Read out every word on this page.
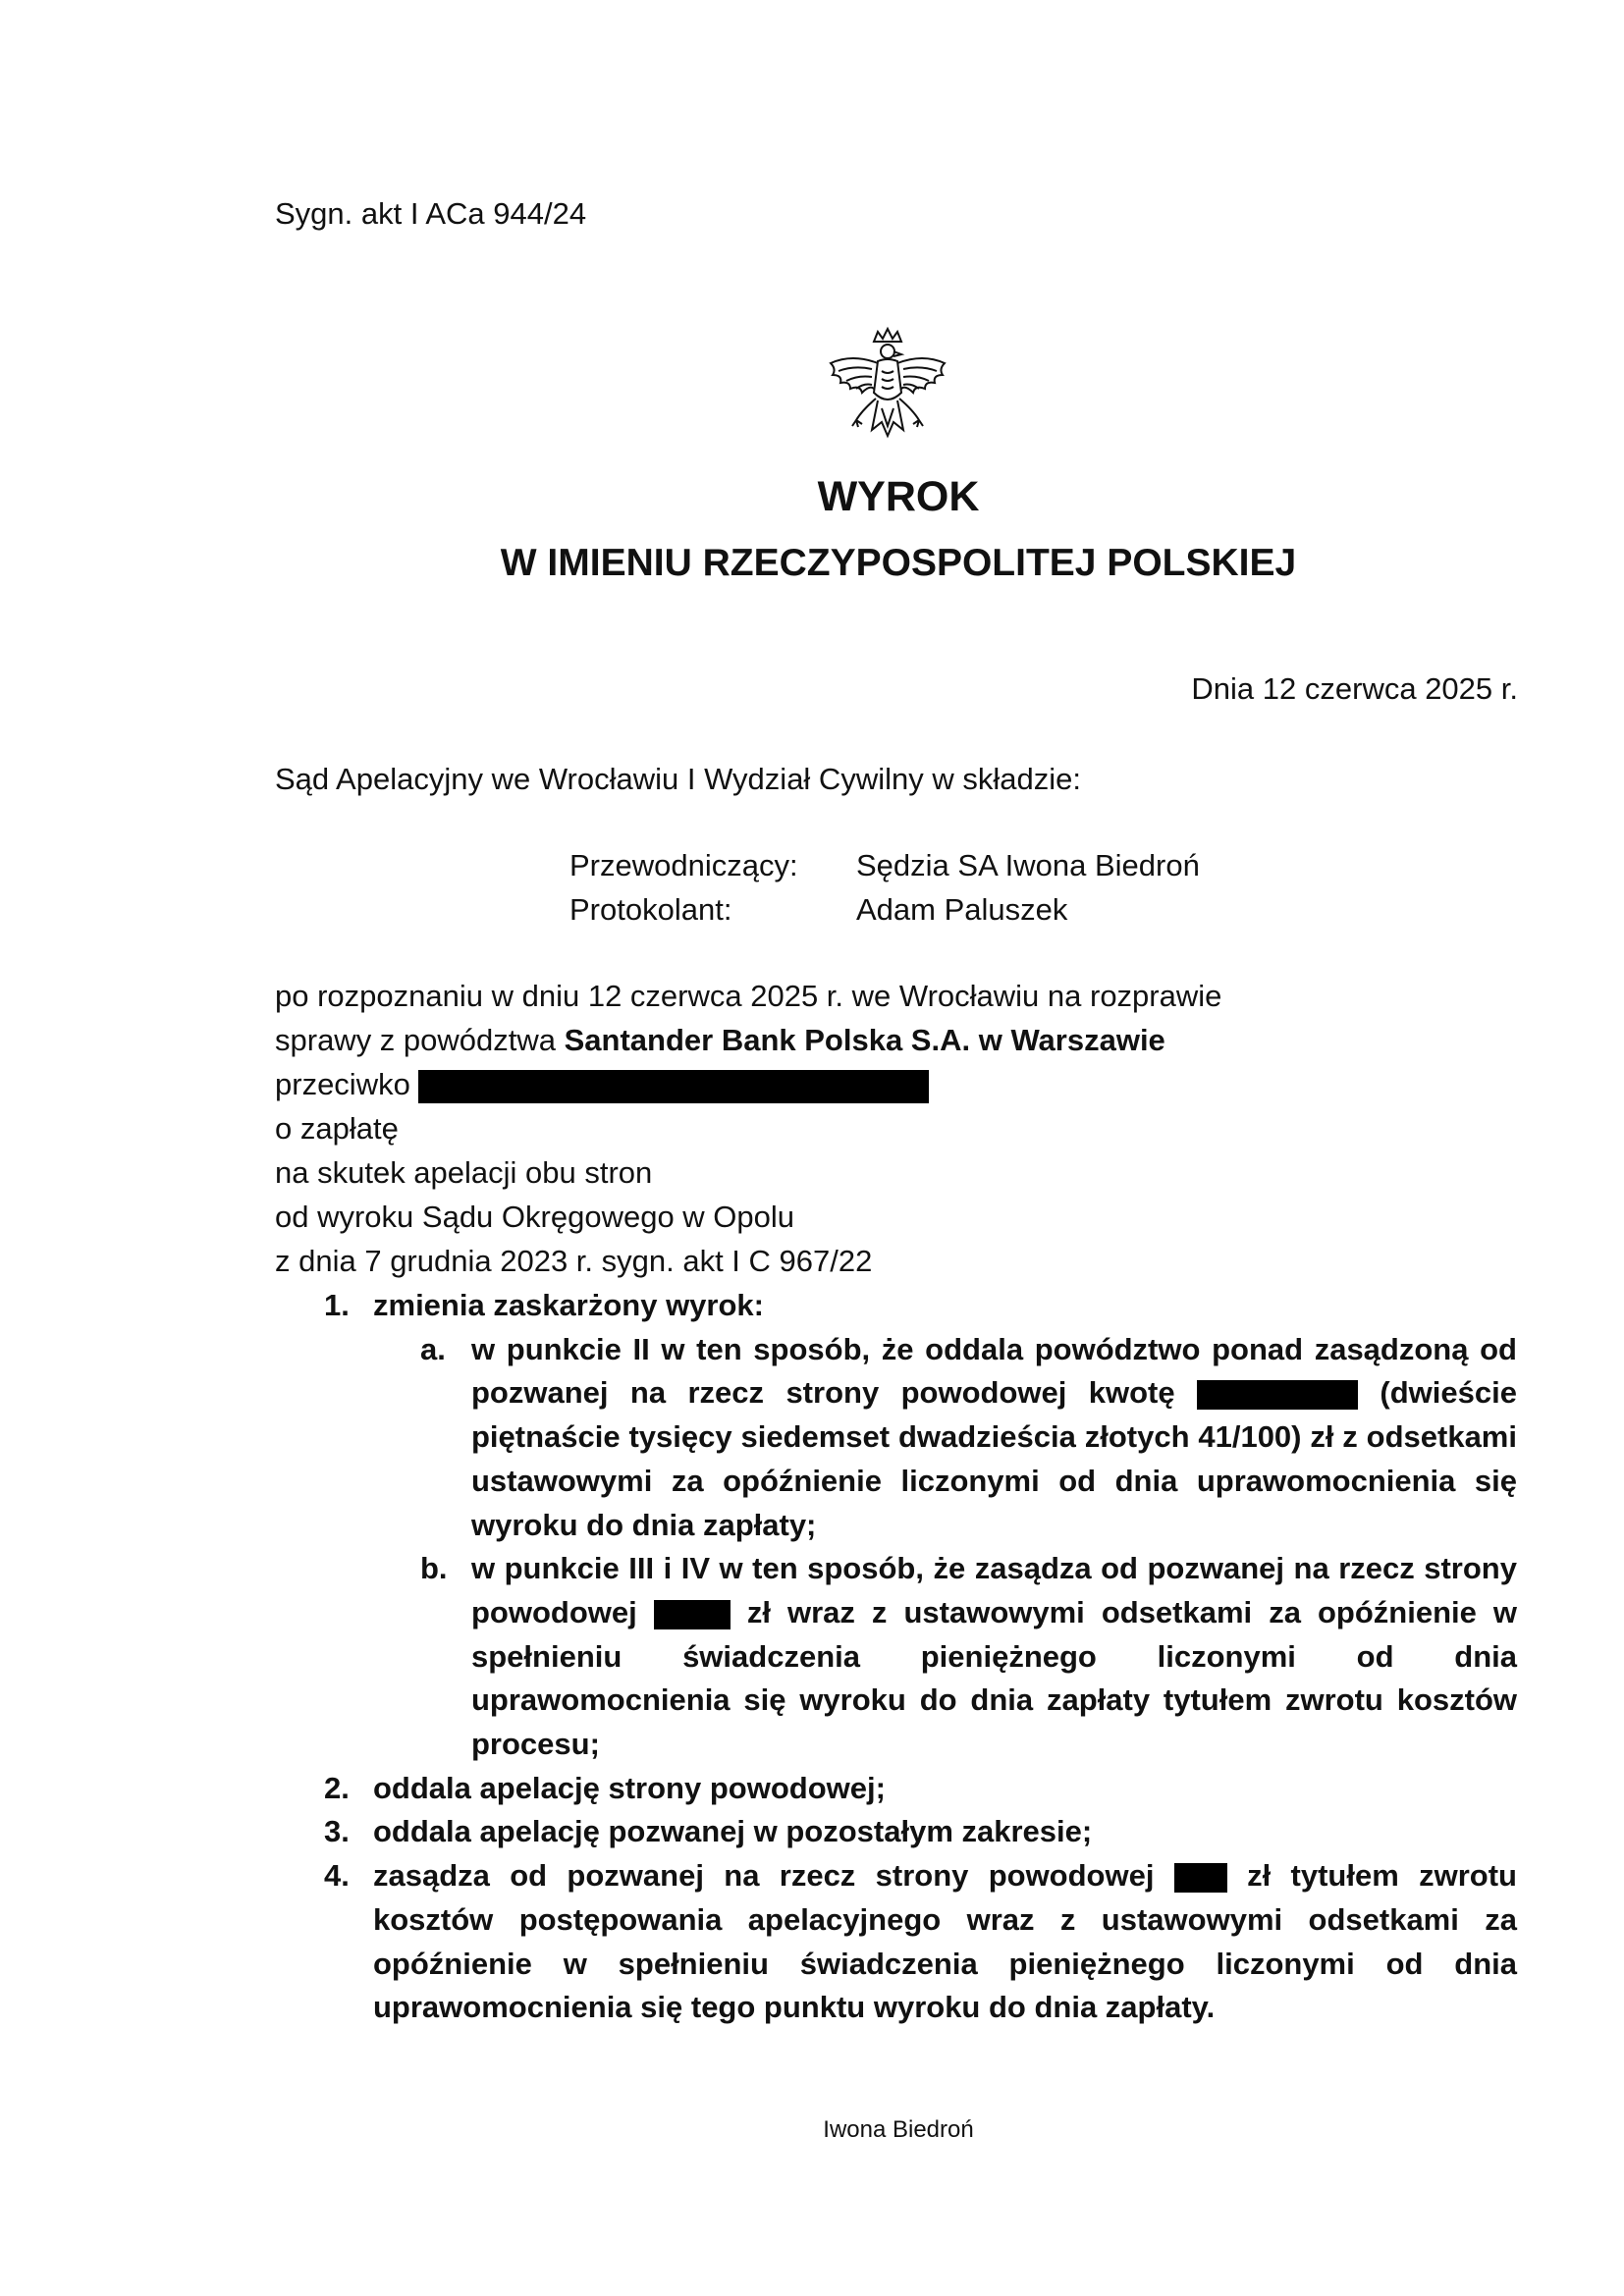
Sygn. akt I ACa 944/24
WYROK
W IMIENIU RZECZYPOSPOLITEJ POLSKIEJ
Dnia 12 czerwca 2025 r.
Sąd Apelacyjny we Wrocławiu I Wydział Cywilny w składzie:
Przewodniczący: Sędzia SA Iwona Biedroń
Protokolant:	Adam Paluszek
po rozpoznaniu w dniu 12 czerwca 2025 r. we Wrocławiu na rozprawie
sprawy z powództwa Santander Bank Polska S.A. w Warszawie
przeciwko
o zapłatę
na skutek apelacji obu stron
od wyroku Sądu Okręgowego w Opolu
z dnia 7 grudnia 2023 r. sygn. akt I C 967/22
1. zmienia zaskarżony wyrok:
a. w punkcie II w ten sposób, że oddala powództwo ponad zasądzoną od pozwanej na rzecz strony powodowej kwotę	(dwieście piętnaście tysięcy siedemset dwadzieścia złotych 41/100) zł z odsetkami ustawowymi za opóźnienie liczonymi od dnia uprawomocnienia się wyroku do dnia zapłaty;
b. w punkcie III i IV w ten sposób, że zasądza od pozwanej na rzecz strony powodowej	zł wraz z ustawowymi odsetkami za opóźnienie w spełnieniu świadczenia pieniężnego liczonymi od dnia uprawomocnienia się wyroku do dnia zapłaty tytułem zwrotu kosztów procesu;
2. oddala apelację strony powodowej;
3. oddala apelację pozwanej w pozostałym zakresie;
4. zasądza od pozwanej na rzecz strony powodowej  zł tytułem zwrotu kosztów postępowania apelacyjnego wraz z ustawowymi odsetkami za opóźnienie w spełnieniu świadczenia pieniężnego liczonymi od dnia uprawomocnienia się tego punktu wyroku do dnia zapłaty.
Iwona Biedroń
